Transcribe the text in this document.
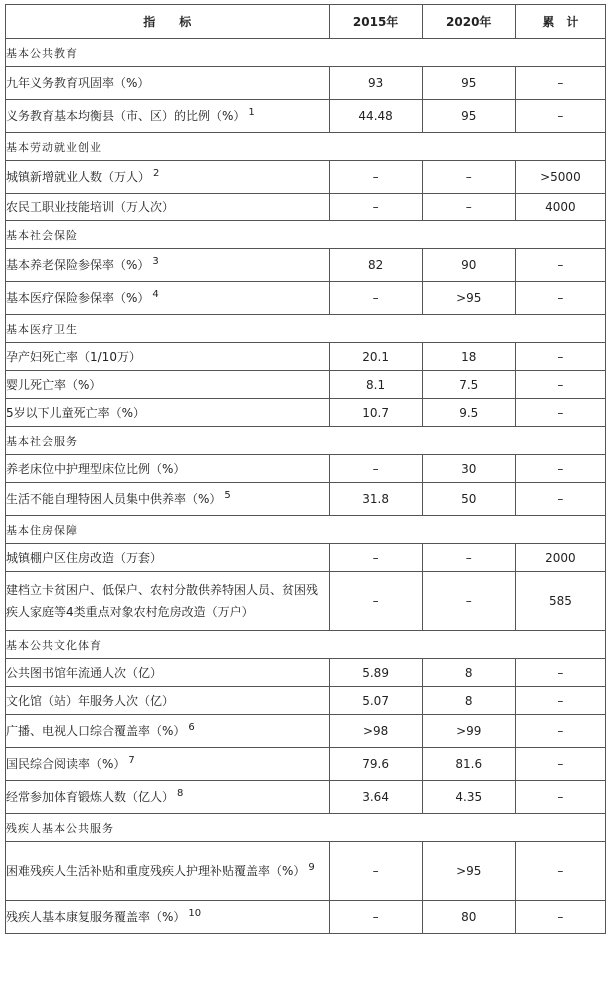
指　　标	2015年	2020年	累　计
基本公共教育			
九年义务教育巩固率（%）	93	95	–
义务教育基本均衡县（市、区）的比例（%） $^1$	44.48	95	–
基本劳动就业创业			
城镇新增就业人数（万人） $^2$	–	–	>5000
农民工职业技能培训（万人次）	–	–	4000
基本社会保险			
基本养老保险参保率（%） $^3$	82	90	–
基本医疗保险参保率（%） $^4$	–	>95	–
基本医疗卫生			
孕产妇死亡率（1/10万）	20.1	18	–
婴儿死亡率（%）	8.1	7.5	–
5岁以下儿童死亡率（%）	10.7	9.5	–
基本社会服务			
养老床位中护理型床位比例（%）	–	30	–
生活不能自理特困人员集中供养率（%） $^5$	31.8	50	–
基本住房保障			
城镇棚户区住房改造（万套）	–	–	2000
建档立卡贫困户、低保户、农村分散供养特困人员、贫困残疾人家庭等4类重点对象农村危房改造（万户）	–	–	585
基本公共文化体育			
公共图书馆年流通人次（亿）	5.89	8	–
文化馆（站）年服务人次（亿）	5.07	8	–
广播、电视人口综合覆盖率（%） $^6$	>98	>99	–
国民综合阅读率（%） $^7$	79.6	81.6	–
经常参加体育锻炼人数（亿人） $^8$	3.64	4.35	–
残疾人基本公共服务			
困难残疾人生活补贴和重度残疾人护理补贴覆盖率（%） $^9$	–	>95	–
残疾人基本康复服务覆盖率（%） $^{10}$	–	80	–
